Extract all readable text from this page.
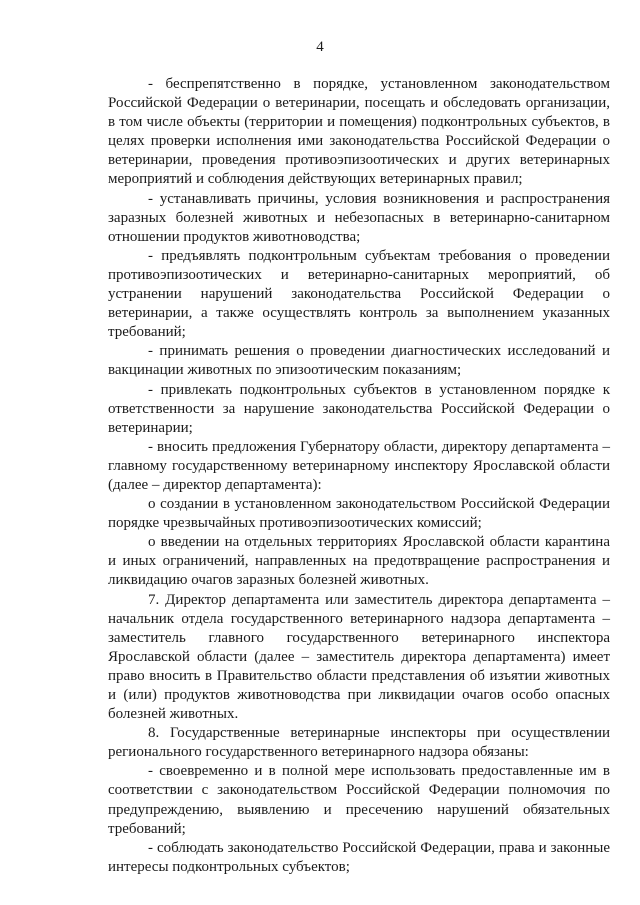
4

- беспрепятственно в порядке, установленном законодательством Российской Федерации о ветеринарии, посещать и обследовать организации, в том числе объекты (территории и помещения) подконтрольных субъектов, в целях проверки исполнения ими законодательства Российской Федерации о ветеринарии, проведения противоэпизоотических и других ветеринарных мероприятий и соблюдения действующих ветеринарных правил;

- устанавливать причины, условия возникновения и распространения заразных болезней животных и небезопасных в ветеринарно-санитарном отношении продуктов животноводства;

- предъявлять подконтрольным субъектам требования о проведении противоэпизоотических и ветеринарно-санитарных мероприятий, об устранении нарушений законодательства Российской Федерации о ветеринарии, а также осуществлять контроль за выполнением указанных требований;

- принимать решения о проведении диагностических исследований и вакцинации животных по эпизоотическим показаниям;

- привлекать подконтрольных субъектов в установленном порядке к ответственности за нарушение законодательства Российской Федерации о ветеринарии;

- вносить предложения Губернатору области, директору департамента – главному государственному ветеринарному инспектору Ярославской области (далее – директор департамента):

о создании в установленном законодательством Российской Федерации порядке чрезвычайных противоэпизоотических комиссий;

о введении на отдельных территориях Ярославской области карантина и иных ограничений, направленных на предотвращение распространения и ликвидацию очагов заразных болезней животных.

7. Директор департамента или заместитель директора департамента – начальник отдела государственного ветеринарного надзора департамента – заместитель главного государственного ветеринарного инспектора Ярославской области (далее – заместитель директора департамента) имеет право вносить в Правительство области представления об изъятии животных и (или) продуктов животноводства при ликвидации очагов особо опасных болезней животных.

8. Государственные ветеринарные инспекторы при осуществлении регионального государственного ветеринарного надзора обязаны:

- своевременно и в полной мере использовать предоставленные им в соответствии с законодательством Российской Федерации полномочия по предупреждению, выявлению и пресечению нарушений обязательных требований;

- соблюдать законодательство Российской Федерации, права и законные интересы подконтрольных субъектов;
